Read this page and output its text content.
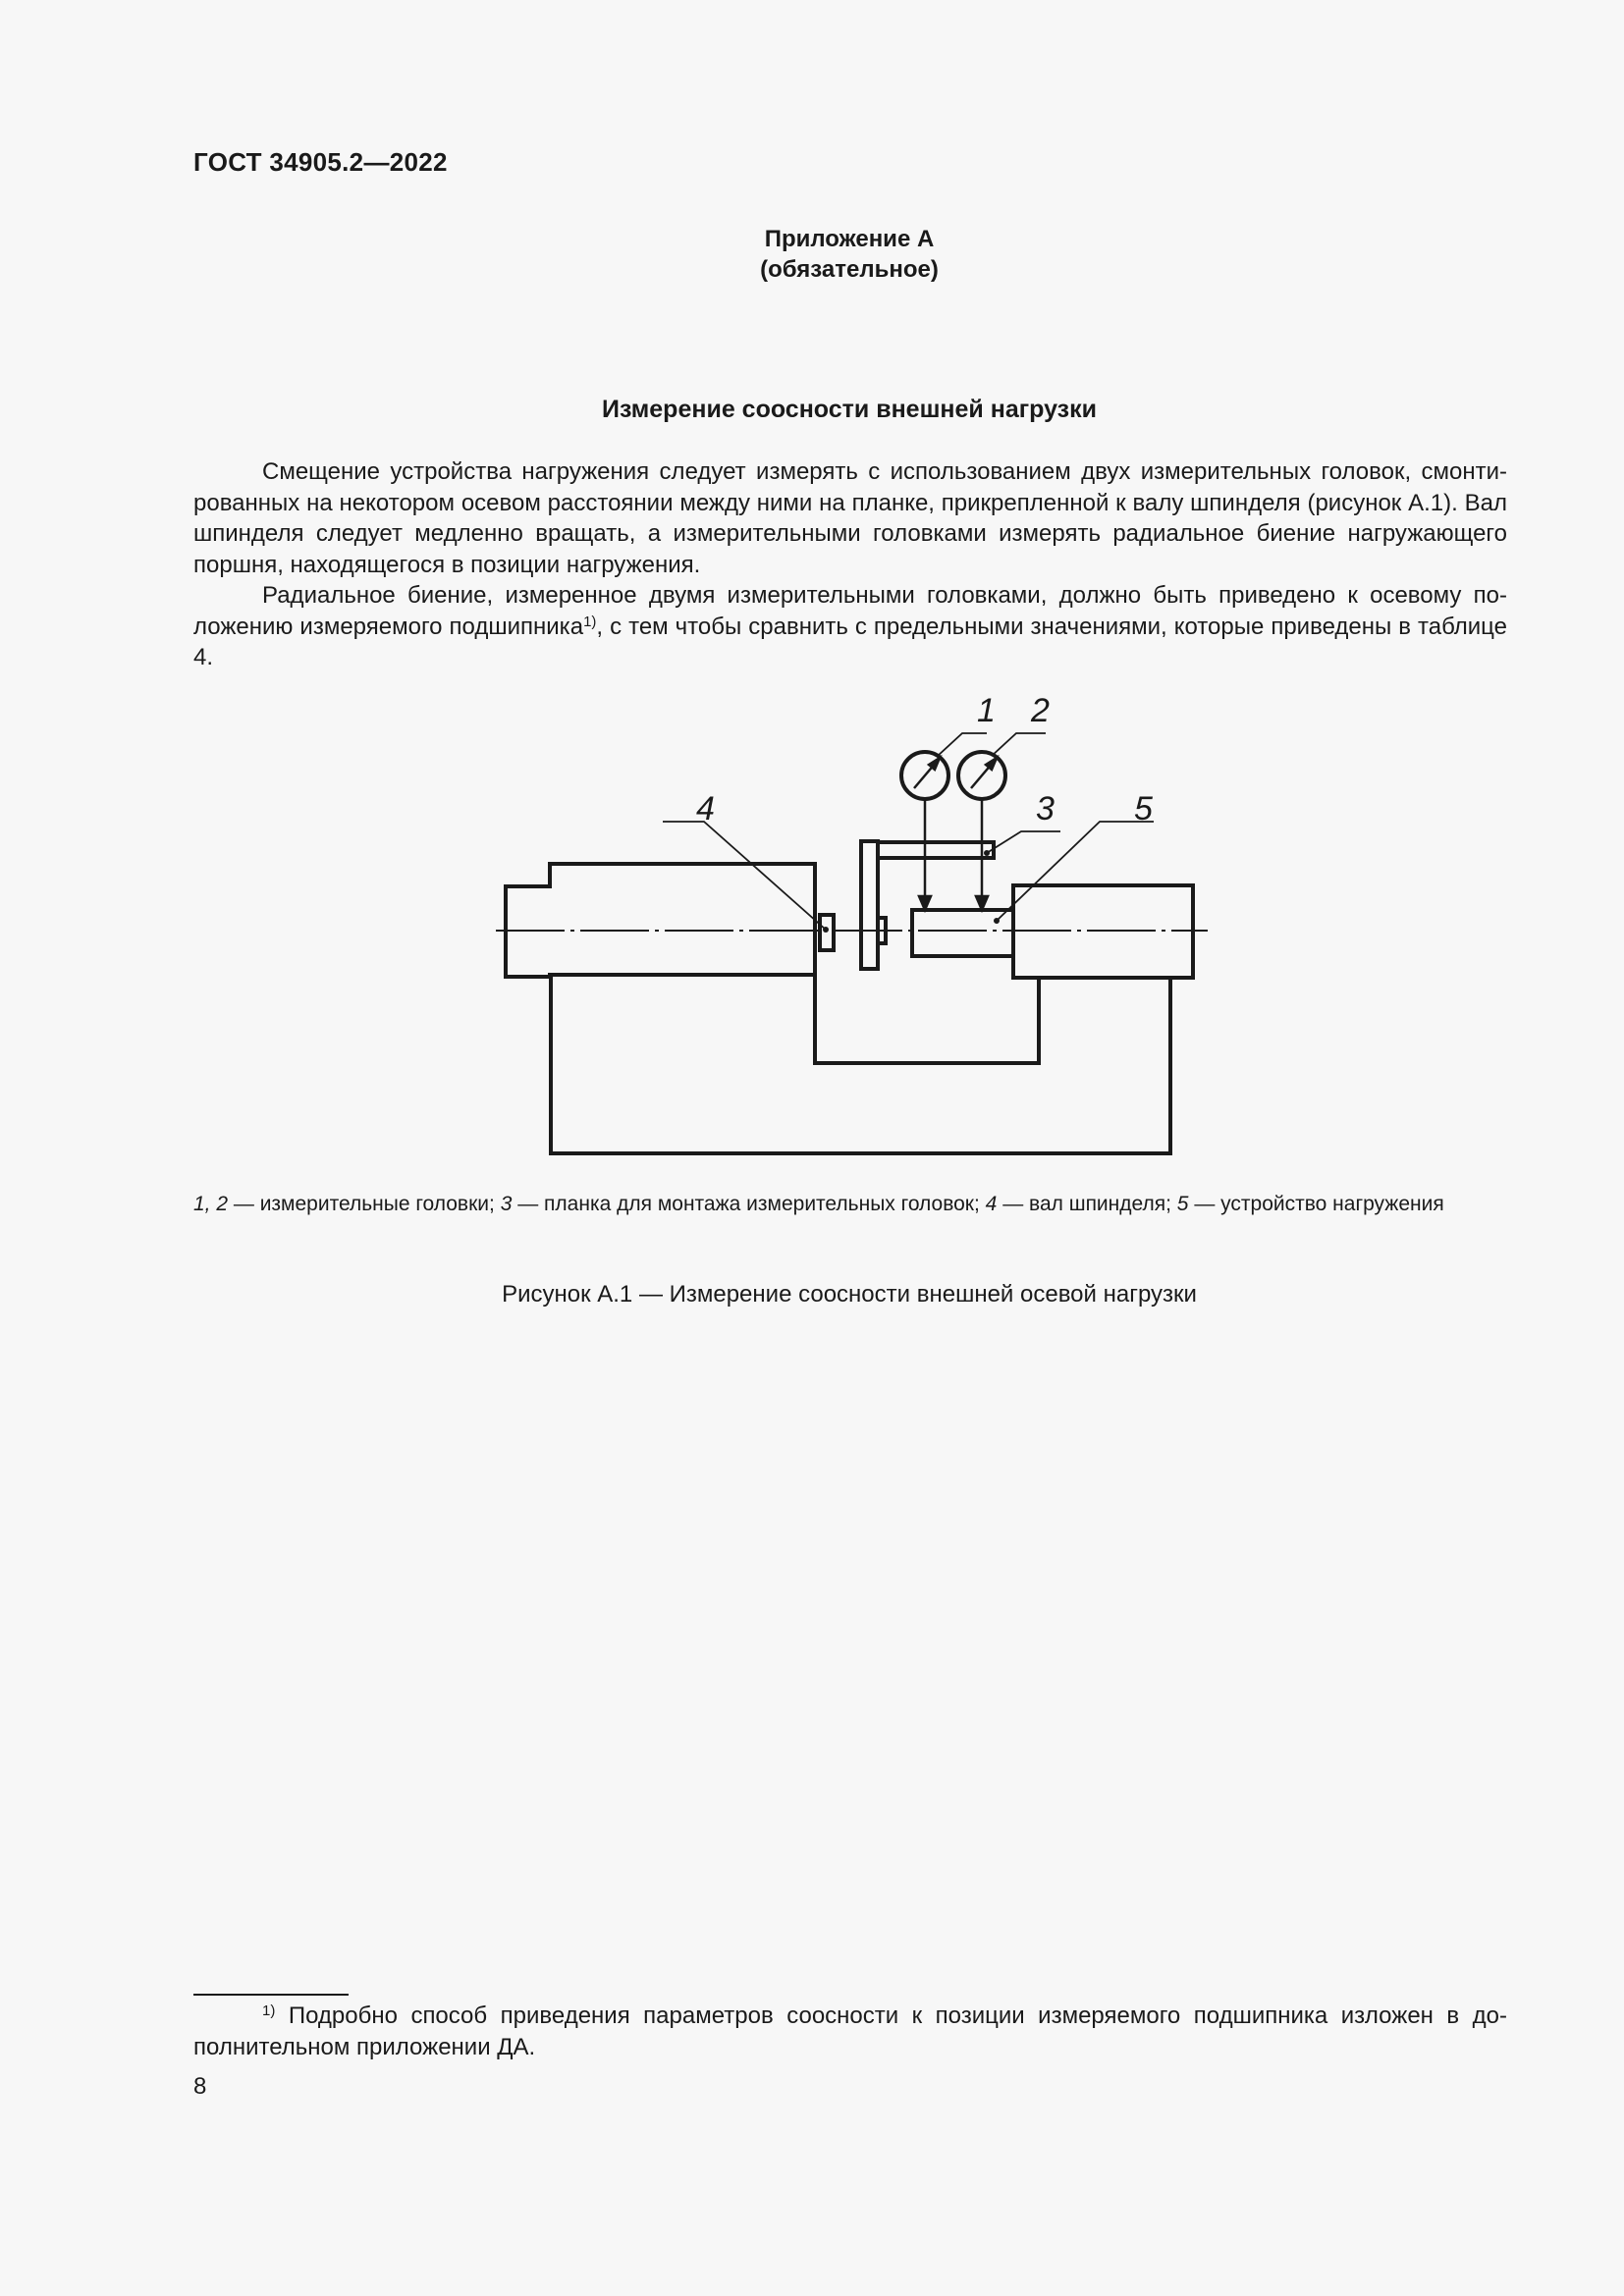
ГОСТ 34905.2—2022
Приложение А
(обязательное)
Измерение соосности внешней нагрузки

Смещение устройства нагружения следует измерять с использованием двух измерительных головок, смонтированных на некотором осевом расстоянии между ними на планке, прикрепленной к валу шпинделя (рисунок А.1). Вал шпинделя следует медленно вращать, а измерительными головками измерять радиальное биение нагружающего поршня, находящегося в позиции нагружения.

Радиальное биение, измеренное двумя измерительными головками, должно быть приведено к осевому положению измеряемого подшипника$^{1)}$, с тем чтобы сравнить с предельными значениями, которые приведены в таблице 4.

1 2
3
4	5
1, 2 — измерительные головки; 3 — планка для монтажа измерительных головок; 4 — вал шпинделя; 5 — устройство нагружения
Рисунок А.1 — Измерение соосности внешней осевой нагрузки

$^{1)}$ Подробно способ приведения параметров соосности к позиции измеряемого подшипника изложен в дополнительном приложении ДА.

8
